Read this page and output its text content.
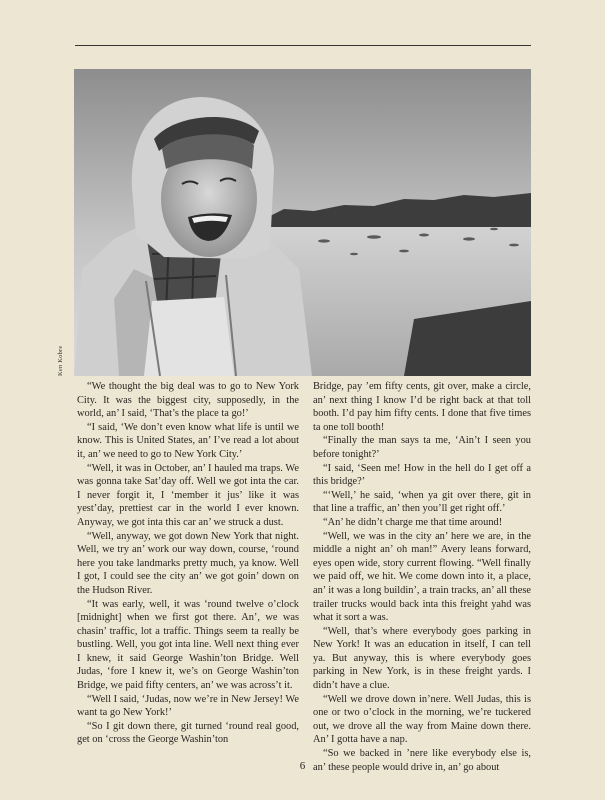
Ken Kobre

“We thought the big deal was to go to New York City. It was the biggest city, supposedly, in the world, an’ I said, ‘That’s the place ta go!’

“I said, ‘We don’t even know what life is until we know. This is United States, an’ I’ve read a lot about it, an’ we need to go to New York City.’

“Well, it was in October, an’ I hauled ma traps. We was gonna take Sat’day off. Well we got inta the car. I never forgit it, I ‘member it jus’ like it was yest’day, prettiest car in the world I ever known. Anyway, we got inta this car an’ we struck a dust.

“Well, anyway, we got down New York that night. Well, we try an’ work our way down, course, ‘round here you take landmarks pretty much, ya know. Well I got, I could see the city an’ we got goin’ down on the Hudson River.

“It was early, well, it was ‘round twelve o’clock [midnight] when we first got there. An’, we was chasin’ traffic, lot a traffic. Things seem ta really be bustling. Well, you got inta line. Well next thing ever I knew, it said George Washin’ton Bridge. Well Judas, ‘fore I knew it, we’s on George Washin’ton Bridge, we paid fifty centers, an’ we was across’t it.

“Well I said, ‘Judas, now we’re in New Jersey! We want ta go New York!’

“So I git down there, git turned ‘round real good, get on ‘cross the George Washin’ton

Bridge, pay ’em fifty cents, git over, make a circle, an’ next thing I know I’d be right back at that toll booth. I’d pay him fifty cents. I done that five times ta one toll booth!

“Finally the man says ta me, ‘Ain’t I seen you before tonight?’

“I said, ‘Seen me! How in the hell do I get off a this bridge?’

“‘Well,’ he said, ‘when ya git over there, git in that line a traffic, an’ then you’ll get right off.’

“An’ he didn’t charge me that time around!

“Well, we was in the city an’ here we are, in the middle a night an’ oh man!” Avery leans forward, eyes open wide, story current flowing. “Well finally we paid off, we hit. We come down into it, a place, an’ it was a long buildin’, a train tracks, an’ all these trailer trucks would back inta this freight yahd was what it sort a was.

“Well, that’s where everybody goes parking in New York! It was an education in itself, I can tell ya. But anyway, this is where everybody goes parking in New York, is in these freight yards. I didn’t have a clue.

“Well we drove down in’nere. Well Judas, this is one or two o’clock in the morning, we’re tuckered out, we drove all the way from Maine down there. An’ I gotta have a nap.

“So we backed in ’nere like everybody else is, an’ these people would drive in, an’ go about

6
